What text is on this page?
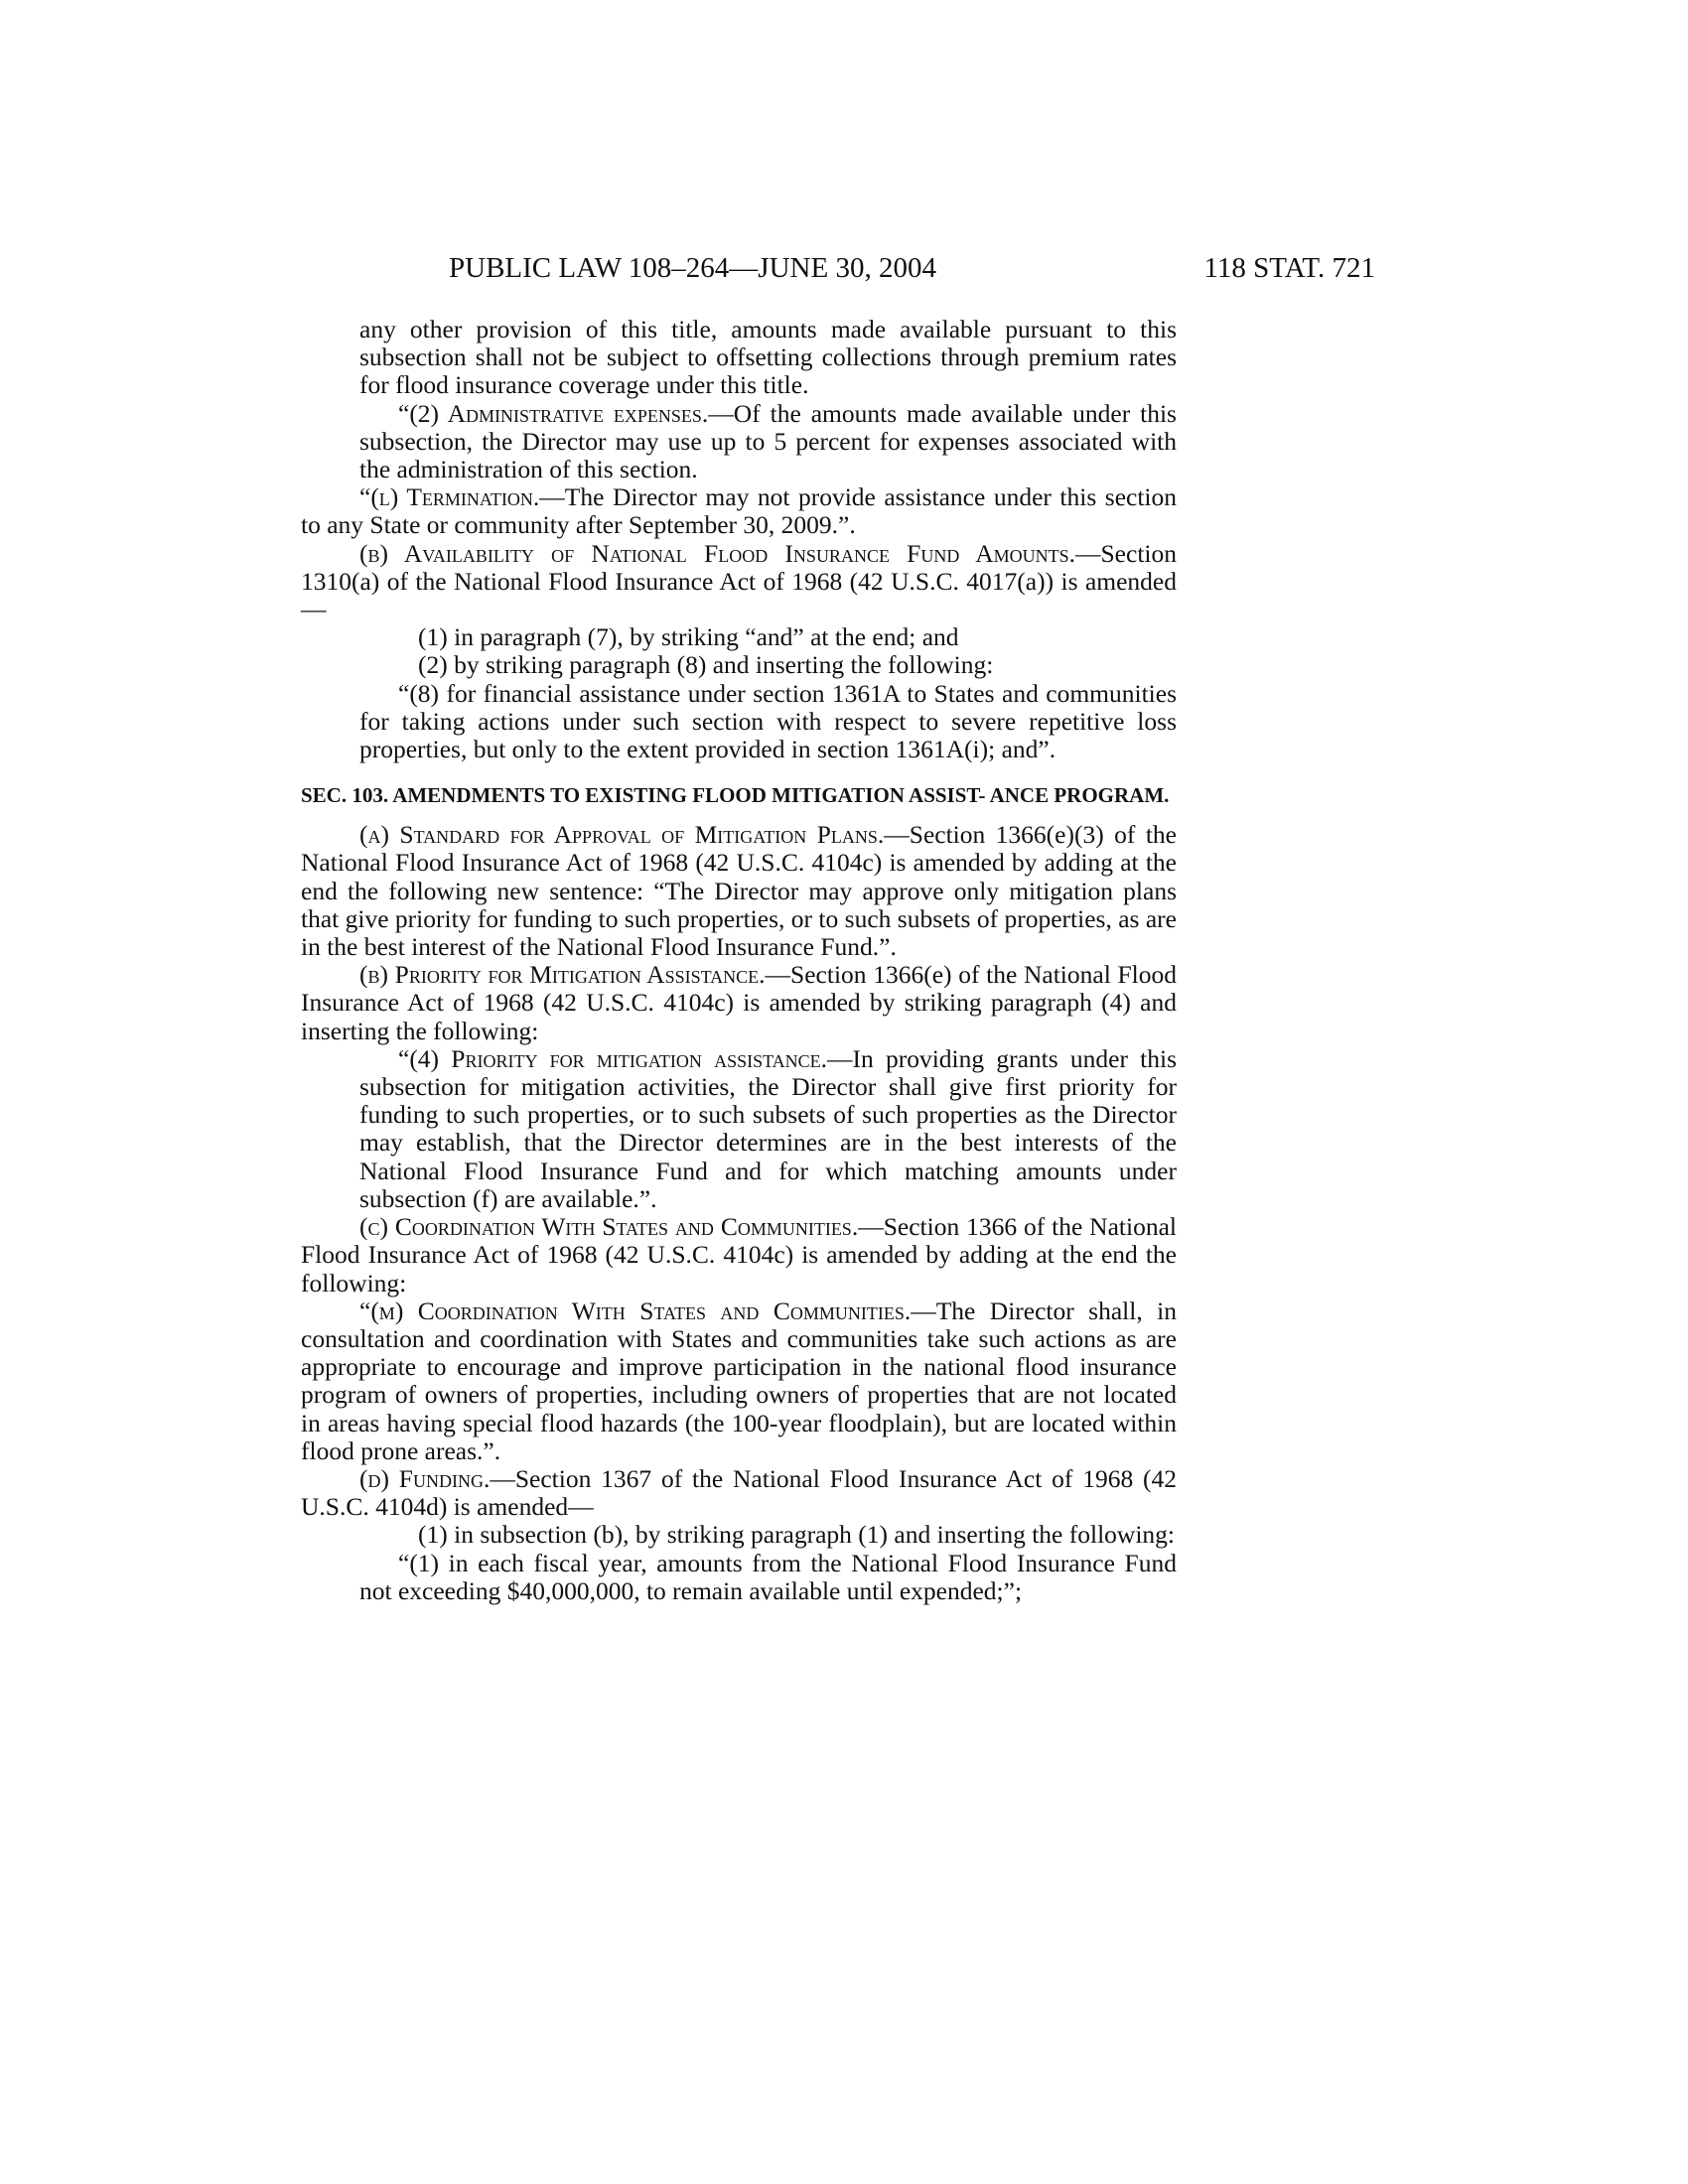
PUBLIC LAW 108–264—JUNE 30, 2004	118 STAT. 721

any other provision of this title, amounts made available pursuant to this subsection shall not be subject to offsetting collections through premium rates for flood insurance coverage under this title.

“(2) Administrative expenses.—Of the amounts made available under this subsection, the Director may use up to 5 percent for expenses associated with the administration of this section.

“(l) Termination.—The Director may not provide assistance under this section to any State or community after September 30, 2009.”.

(b) Availability of National Flood Insurance Fund Amounts.—Section 1310(a) of the National Flood Insurance Act of 1968 (42 U.S.C. 4017(a)) is amended—

(1) in paragraph (7), by striking “and” at the end; and

(2) by striking paragraph (8) and inserting the following:

“(8) for financial assistance under section 1361A to States and communities for taking actions under such section with respect to severe repetitive loss properties, but only to the extent provided in section 1361A(i); and”.

SEC. 103. AMENDMENTS TO EXISTING FLOOD MITIGATION ASSIST- ANCE PROGRAM.

(a) Standard for Approval of Mitigation Plans.—Section 1366(e)(3) of the National Flood Insurance Act of 1968 (42 U.S.C. 4104c) is amended by adding at the end the following new sentence: “The Director may approve only mitigation plans that give priority for funding to such properties, or to such subsets of properties, as are in the best interest of the National Flood Insurance Fund.”.

(b) Priority for Mitigation Assistance.—Section 1366(e) of the National Flood Insurance Act of 1968 (42 U.S.C. 4104c) is amended by striking paragraph (4) and inserting the following:

“(4) Priority for mitigation assistance.—In providing grants under this subsection for mitigation activities, the Director shall give first priority for funding to such properties, or to such subsets of such properties as the Director may establish, that the Director determines are in the best interests of the National Flood Insurance Fund and for which matching amounts under subsection (f) are available.”.

(c) Coordination With States and Communities.—Section 1366 of the National Flood Insurance Act of 1968 (42 U.S.C. 4104c) is amended by adding at the end the following:

“(m) Coordination With States and Communities.—The Director shall, in consultation and coordination with States and communities take such actions as are appropriate to encourage and improve participation in the national flood insurance program of owners of properties, including owners of properties that are not located in areas having special flood hazards (the 100-year floodplain), but are located within flood prone areas.”.

(d) Funding.—Section 1367 of the National Flood Insurance Act of 1968 (42 U.S.C. 4104d) is amended—

(1) in subsection (b), by striking paragraph (1) and inserting the following:

“(1) in each fiscal year, amounts from the National Flood Insurance Fund not exceeding $40,000,000, to remain available until expended;”;
